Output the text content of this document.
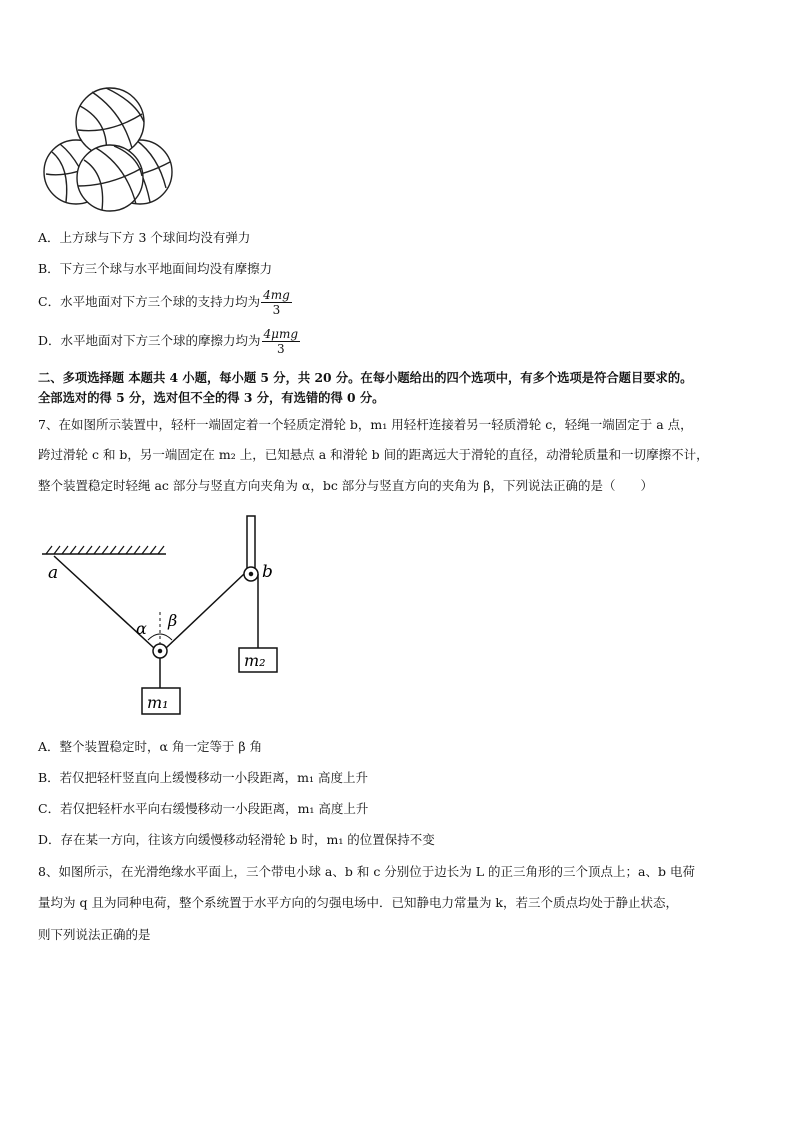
A．上方球与下方 3 个球间均没有弹力
B．下方三个球与水平地面间均没有摩擦力
C．水平地面对下方三个球的支持力均为 $\frac{4mg}{3}$
D．水平地面对下方三个球的摩擦力均为 $\frac{\text{4μmg}}{3}$
二、多项选择题 本题共 4 小题，每小题 5 分，共 20 分。在每小题给出的四个选项中，有多个选项是符合题目要求的。
全部选对的得 5 分，选对但不全的得 3 分，有选错的得 0 分。
7、在如图所示装置中，轻杆一端固定着一个轻质定滑轮 b，m₁ 用轻杆连接着另一轻质滑轮 c，轻绳一端固定于 a 点，
跨过滑轮 c 和 b，另一端固定在 m₂ 上，已知悬点 a 和滑轮 b 间的距离远大于滑轮的直径，动滑轮质量和一切摩擦不计，
整个装置稳定时轻绳 ac 部分与竖直方向夹角为 α，bc 部分与竖直方向的夹角为 β，下列说法正确的是（　　）
a	b
α β
m₁
m₂
A．整个装置稳定时，α 角一定等于 β 角
B．若仅把轻杆竖直向上缓慢移动一小段距离，m₁ 高度上升
C．若仅把轻杆水平向右缓慢移动一小段距离，m₁ 高度上升
D．存在某一方向，往该方向缓慢移动轻滑轮 b 时，m₁ 的位置保持不变
8、如图所示，在光滑绝缘水平面上，三个带电小球 a、b 和 c 分别位于边长为 L 的正三角形的三个顶点上；a、b 电荷
量均为 q 且为同种电荷，整个系统置于水平方向的匀强电场中．已知静电力常量为 k，若三个质点均处于静止状态，
则下列说法正确的是
